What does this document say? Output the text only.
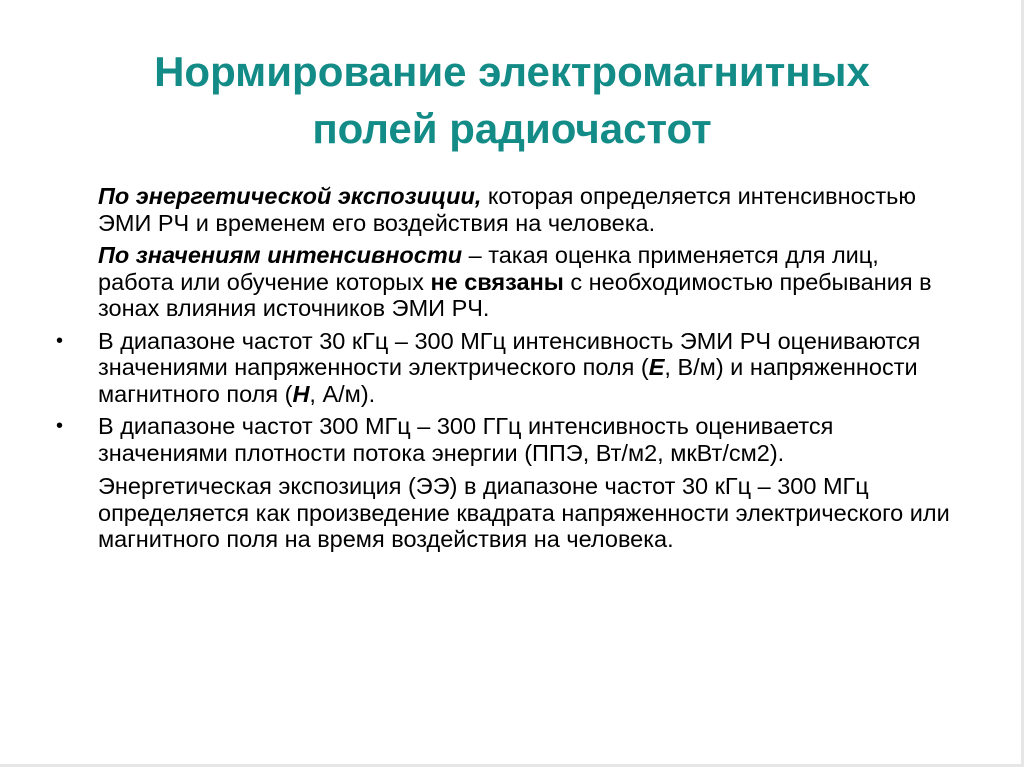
Нормирование электромагнитных
полей радиочастот

По энергетической экспозиции, которая определяется интенсивностью ЭМИ РЧ и временем его воздействия на человека.

По значениям интенсивности – такая оценка применяется для лиц, работа или обучение которых не связаны с необходимостью пребывания в зонах влияния источников ЭМИ РЧ.

•	В диапазоне частот 30 кГц – 300 МГц интенсивность ЭМИ РЧ оцениваются значениями напряженности электрического поля (Е, В/м) и напряженности магнитного поля (Н, А/м).

•	В диапазоне частот 300 МГц – 300 ГГц интенсивность оценивается значениями плотности потока энергии (ППЭ, Вт/м2, мкВт/см2).

Энергетическая экспозиция (ЭЭ) в диапазоне частот 30 кГц – 300 МГц определяется как произведение квадрата напряженности электрического или магнитного поля на время воздействия на человека.
